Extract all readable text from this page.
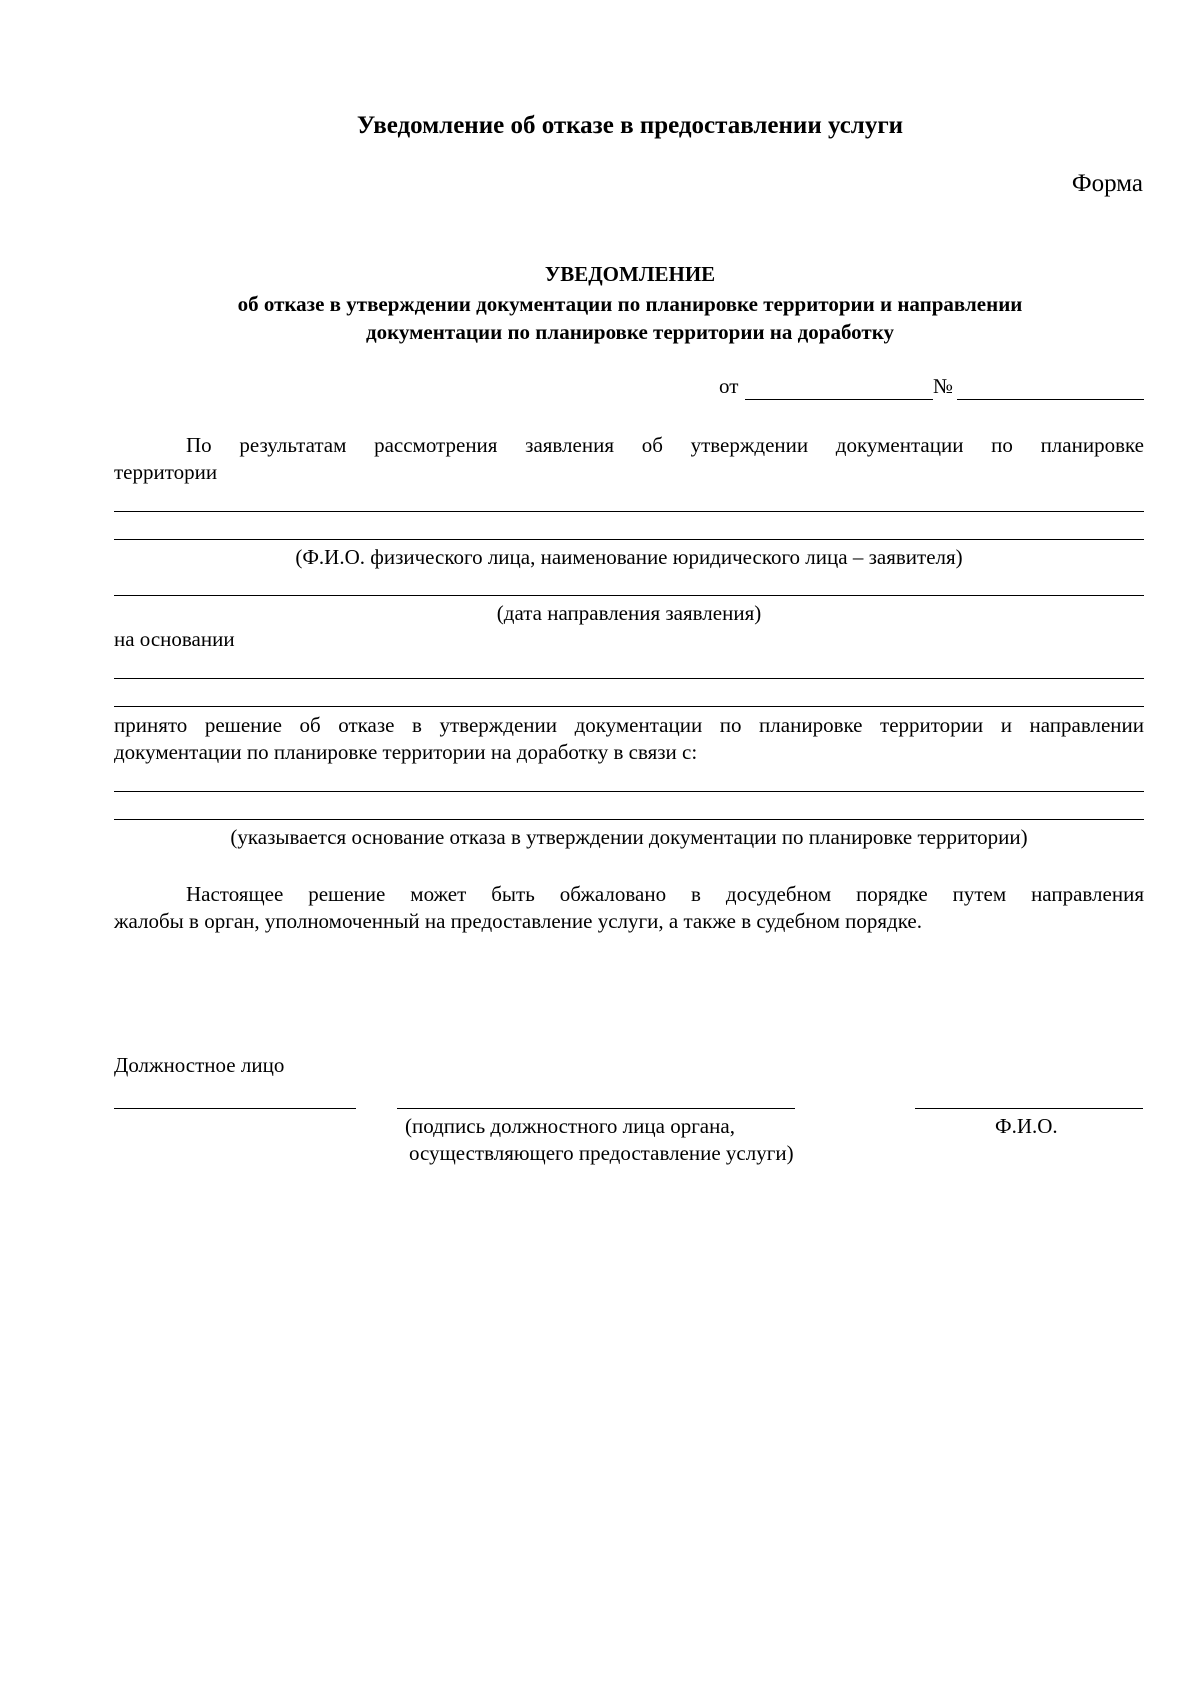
Уведомление об отказе в предоставлении услуги
Форма
УВЕДОМЛЕНИЕ
об отказе в утверждении документации по планировке территории и направлении
документации по планировке территории на доработку
от	№
По результатам рассмотрения заявления об утверждении документации по планировке
территории
(Ф.И.О. физического лица, наименование юридического лица – заявителя)
(дата направления заявления)
на основании
принято решение об отказе в утверждении документации по планировке территории и направлении
документации по планировке территории на доработку в связи с:
(указывается основание отказа в утверждении документации по планировке территории)
Настоящее решение может быть обжаловано в досудебном порядке путем направления
жалобы в орган, уполномоченный на предоставление услуги, а также в судебном порядке.
Должностное лицо
(подпись должностного лица органа,
осуществляющего предоставление услуги)
Ф.И.О.
